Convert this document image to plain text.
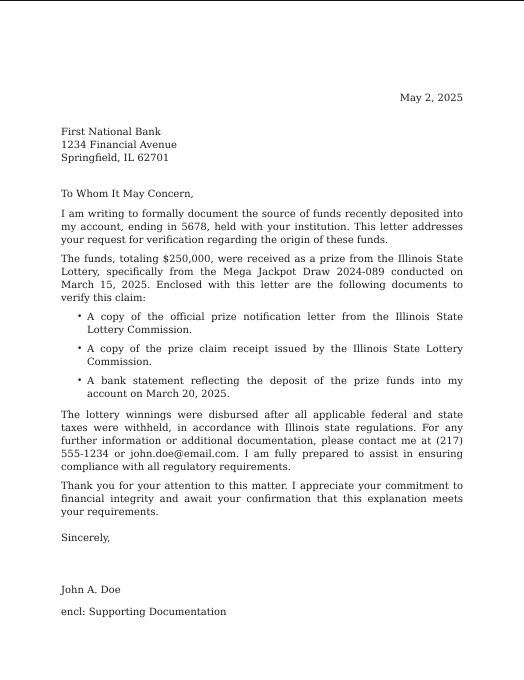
May 2, 2025
First National Bank
1234 Financial Avenue
Springfield, IL 62701
To Whom It May Concern,

I am writing to formally document the source of funds recently deposited into my account, ending in 5678, held with your institution. This letter addresses your request for verification regarding the origin of these funds.

The funds, totaling $250,000, were received as a prize from the Illinois State Lottery, specifically from the Mega Jackpot Draw 2024-089 conducted on March 15, 2025. Enclosed with this letter are the following documents to verify this claim:

• A copy of the official prize notification letter from the Illinois State Lottery Commission.
• A copy of the prize claim receipt issued by the Illinois State Lottery Commission.
• A bank statement reflecting the deposit of the prize funds into my account on March 20, 2025.

The lottery winnings were disbursed after all applicable federal and state taxes were withheld, in accordance with Illinois state regulations. For any further information or additional documentation, please contact me at (217) 555-1234 or john.doe@email.com. I am fully prepared to assist in ensuring compliance with all regulatory requirements.

Thank you for your attention to this matter. I appreciate your commitment to financial integrity and await your confirmation that this explanation meets your requirements.

Sincerely,
John A. Doe
encl: Supporting Documentation
